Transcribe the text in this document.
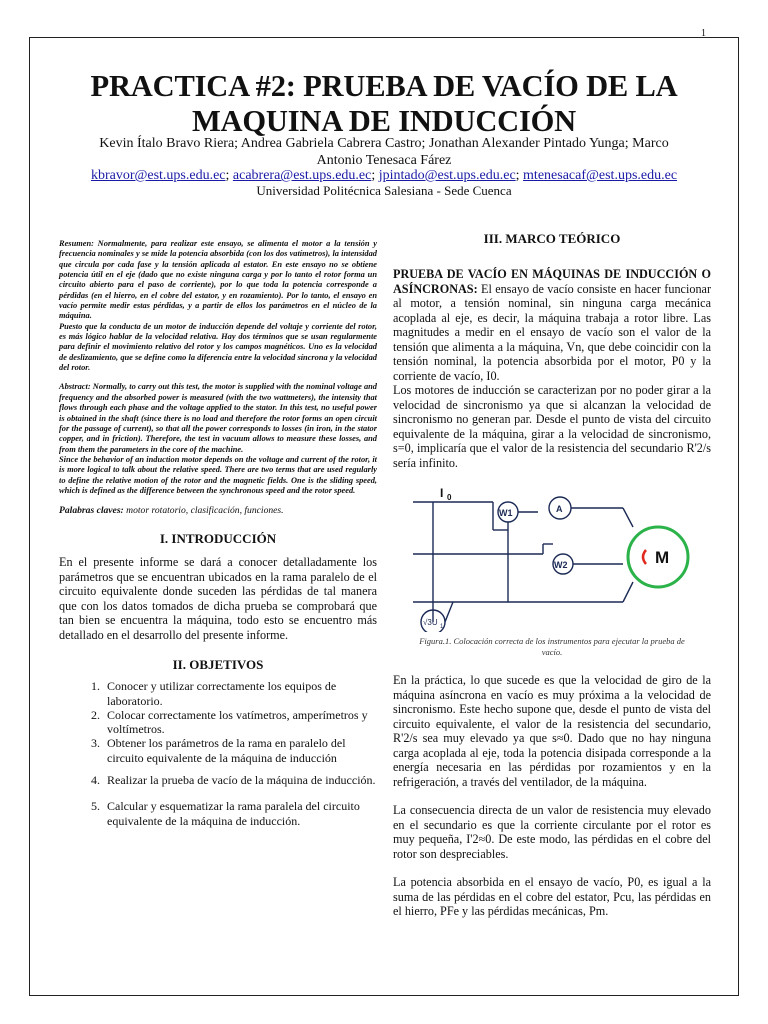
1
PRACTICA #2: PRUEBA DE VACÍO DE LA MAQUINA DE INDUCCIÓN
Kevin Ítalo Bravo Riera; Andrea Gabriela Cabrera Castro; Jonathan Alexander Pintado Yunga; Marco Antonio Tenesaca Fárez
kbravor@est.ups.edu.ec; acabrera@est.ups.edu.ec; jpintado@est.ups.edu.ec; mtenesacaf@est.ups.edu.ec
Universidad Politécnica Salesiana - Sede Cuenca

Resumen: Normalmente, para realizar este ensayo, se alimenta el motor a la tensión y frecuencia nominales y se mide la potencia absorbida (con los dos vatímetros), la intensidad que circula por cada fase y la tensión aplicada al estator. En este ensayo no se obtiene potencia útil en el eje (dado que no existe ninguna carga y por lo tanto el rotor forma un circuito abierto para el paso de corriente), por lo que toda la potencia corresponde a pérdidas (en el hierro, en el cobre del estator, y en rozamiento). Por lo tanto, el ensayo en vacío permite medir estas pérdidas, y a partir de ellos los parámetros en el núcleo de la máquina.

Puesto que la conducta de un motor de inducción depende del voltaje y corriente del rotor, es más lógico hablar de la velocidad relativa. Hay dos términos que se usan regularmente para definir el movimiento relativo del rotor y los campos magnéticos. Uno es la velocidad de deslizamiento, que se define como la diferencia entre la velocidad síncrona y la velocidad del rotor.

Abstract: Normally, to carry out this test, the motor is supplied with the nominal voltage and frequency and the absorbed power is measured (with the two wattmeters), the intensity that flows through each phase and the voltage applied to the stator. In this test, no useful power is obtained in the shaft (since there is no load and therefore the rotor forms an open circuit for the passage of current), so that all the power corresponds to losses (in iron, in the stator copper, and in friction). Therefore, the test in vacuum allows to measure these losses, and from them the parameters in the core of the machine.

Since the behavior of an induction motor depends on the voltage and current of the rotor, it is more logical to talk about the relative speed. There are two terms that are used regularly to define the relative motion of the rotor and the magnetic fields. One is the sliding speed, which is defined as the difference between the synchronous speed and the rotor speed.

Palabras claves: motor rotatorio, clasificación, funciones.
I. INTRODUCCIÓN

En el presente informe se dará a conocer detalladamente los parámetros que se encuentran ubicados en la rama paralelo de el circuito equivalente donde suceden las pérdidas de tal manera que con los datos tomados de dicha prueba se comprobará que tan bien se encuentra la máquina, todo esto se encuentro más detallado en el desarrollo del presente informe.

II. OBJETIVOS
1. Conocer y utilizar correctamente los equipos de laboratorio.
2. Colocar correctamente los vatímetros, amperímetros y voltímetros.
3. Obtener los parámetros de la rama en paralelo del circuito equivalente de la máquina de inducción
4. Realizar la prueba de vacío de la máquina de inducción.
5. Calcular y esquematizar la rama paralela del circuito equivalente de la máquina de inducción.
III. MARCO TEÓRICO

PRUEBA DE VACÍO EN MÁQUINAS DE INDUCCIÓN O ASÍNCRONAS: El ensayo de vacío consiste en hacer funcionar al motor, a tensión nominal, sin ninguna carga mecánica acoplada al eje, es decir, la máquina trabaja a rotor libre. Las magnitudes a medir en el ensayo de vacío son el valor de la tensión que alimenta a la máquina, Vn, que debe coincidir con la tensión nominal, la potencia absorbida por el motor, P0 y la corriente de vacío, I0.

Los motores de inducción se caracterizan por no poder girar a la velocidad de sincronismo ya que si alcanzan la velocidad de sincronismo no generan par. Desde el punto de vista del circuito equivalente de la máquina, girar a la velocidad de sincronismo, s=0, implicaría que el valor de la resistencia del secundario R'2/s sería infinito.

M
I 0
W1	A
W2
√3U 1
Figura.1. Colocación correcta de los instrumentos para ejecutar la prueba de vacío.

En la práctica, lo que sucede es que la velocidad de giro de la máquina asíncrona en vacío es muy próxima a la velocidad de sincronismo. Este hecho supone que, desde el punto de vista del circuito equivalente, el valor de la resistencia del secundario, R'2/s sea muy elevado ya que s≈0. Dado que no hay ninguna carga acoplada al eje, toda la potencia disipada corresponde a la energía necesaria en las pérdidas por rozamientos y en la refrigeración, a través del ventilador, de la máquina.

La consecuencia directa de un valor de resistencia muy elevado en el secundario es que la corriente circulante por el rotor es muy pequeña, I'2≈0. De este modo, las pérdidas en el cobre del rotor son despreciables.

La potencia absorbida en el ensayo de vacío, P0, es igual a la suma de las pérdidas en el cobre del estator, Pcu, las pérdidas en el hierro, PFe y las pérdidas mecánicas, Pm.
